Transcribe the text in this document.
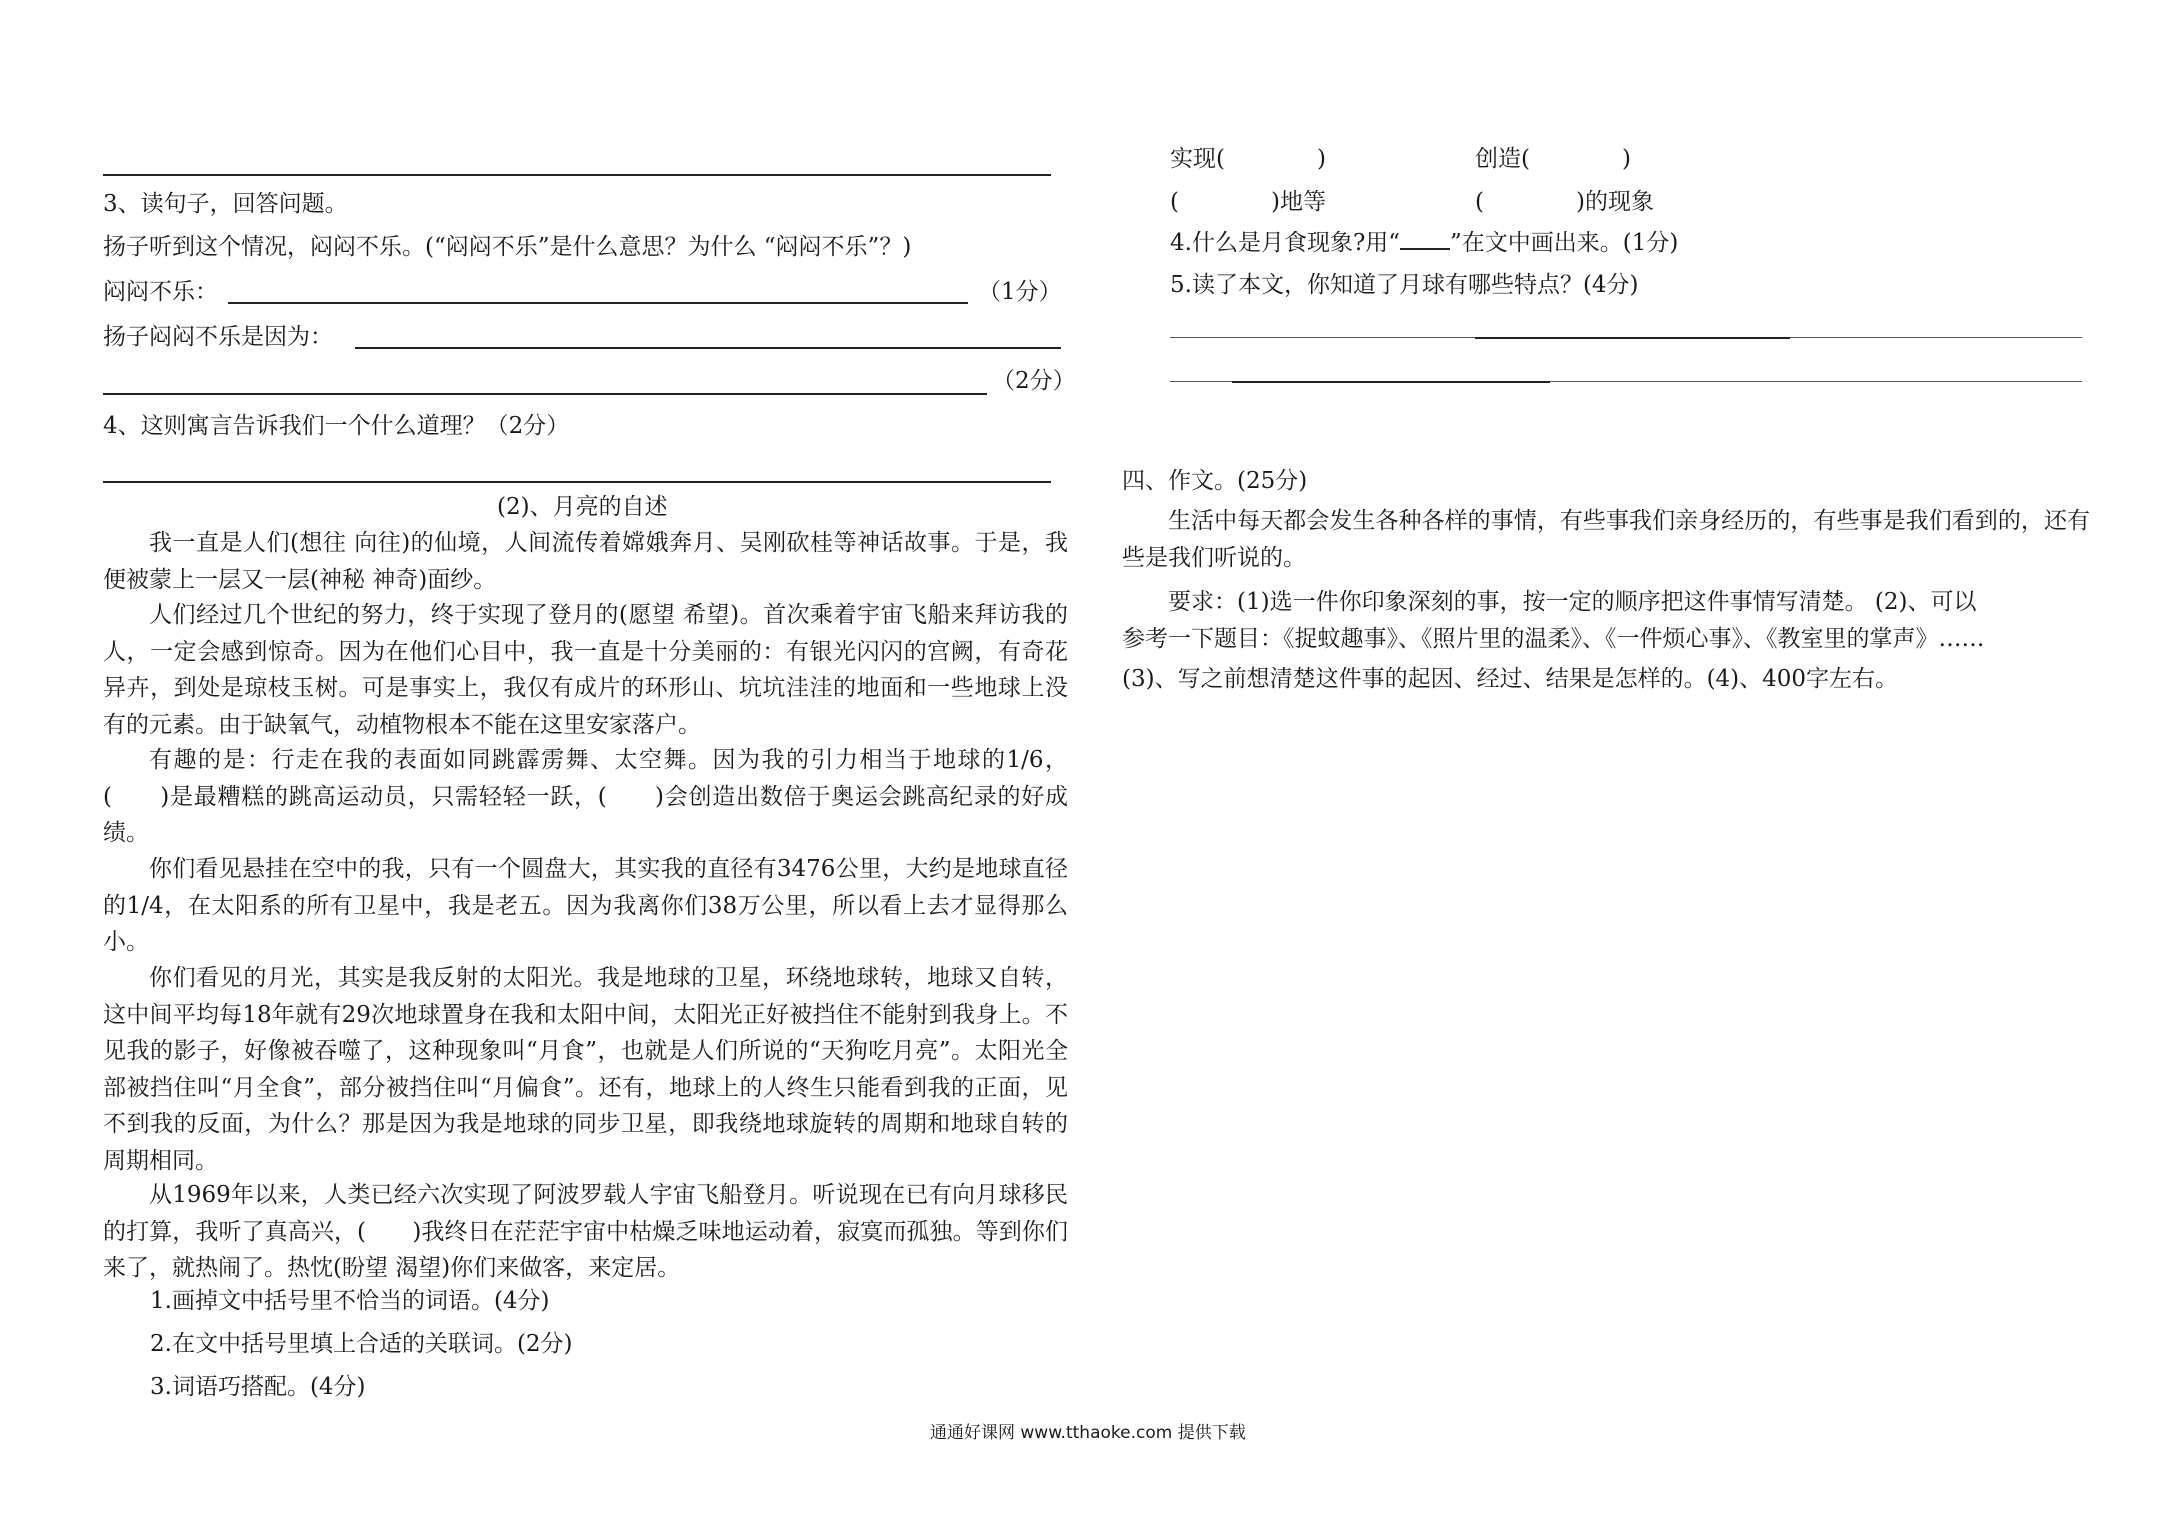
3、读句子，回答问题。
扬子听到这个情况，闷闷不乐。(“闷闷不乐”是什么意思？为什么 “闷闷不乐”？)
闷闷不乐：	（1分）
扬子闷闷不乐是因为：
（2分）
4、这则寓言告诉我们一个什么道理？（2分）
(2)、月亮的自述
我一直是人们(想往 向往)的仙境，人间流传着嫦娥奔月、吴刚砍桂等神话故事。于是，我便被蒙上一层又一层(神秘 神奇)面纱。
人们经过几个世纪的努力，终于实现了登月的(愿望 希望)。首次乘着宇宙飞船来拜访我的人，一定会感到惊奇。因为在他们心目中，我一直是十分美丽的：有银光闪闪的宫阙，有奇花异卉，到处是琼枝玉树。可是事实上，我仅有成片的环形山、坑坑洼洼的地面和一些地球上没有的元素。由于缺氧气，动植物根本不能在这里安家落户。
有趣的是：行走在我的表面如同跳霹雳舞、太空舞。因为我的引力相当于地球的1/6，(　　)是最糟糕的跳高运动员，只需轻轻一跃，(　　)会创造出数倍于奥运会跳高纪录的好成绩。
你们看见悬挂在空中的我，只有一个圆盘大，其实我的直径有3476公里，大约是地球直径的1/4，在太阳系的所有卫星中，我是老五。因为我离你们38万公里，所以看上去才显得那么小。
你们看见的月光，其实是我反射的太阳光。我是地球的卫星，环绕地球转，地球又自转，这中间平均每18年就有29次地球置身在我和太阳中间，太阳光正好被挡住不能射到我身上。不见我的影子，好像被吞噬了，这种现象叫“月食”，也就是人们所说的“天狗吃月亮”。太阳光全部被挡住叫“月全食”，部分被挡住叫“月偏食”。还有，地球上的人终生只能看到我的正面，见不到我的反面，为什么？那是因为我是地球的同步卫星，即我绕地球旋转的周期和地球自转的周期相同。
从1969年以来，人类已经六次实现了阿波罗载人宇宙飞船登月。听说现在已有向月球移民的打算，我听了真高兴，(　　)我终日在茫茫宇宙中枯燥乏味地运动着，寂寞而孤独。等到你们来了，就热闹了。热忱(盼望 渴望)你们来做客，来定居。
1.画掉文中括号里不恰当的词语。(4分)
2.在文中括号里填上合适的关联词。(2分)
3.词语巧搭配。(4分)
实现(　　　　)	创造(　　　　)
(　　　　)地等	(　　　　)的现象
4.什么是月食现象?用“ ”在文中画出来。(1分)
5.读了本文，你知道了月球有哪些特点？(4分)
四、作文。(25分)
生活中每天都会发生各种各样的事情，有些事我们亲身经历的，有些事是我们看到的，还有些是我们听说的。
要求：(1)选一件你印象深刻的事，按一定的顺序把这件事情写清楚。 (2)、可以
参考一下题目：《捉蚊趣事》、《照片里的温柔》、《一件烦心事》、《教室里的掌声》……
(3)、写之前想清楚这件事的起因、经过、结果是怎样的。(4)、400字左右。
通通好课网 www.tthaoke.com 提供下载
